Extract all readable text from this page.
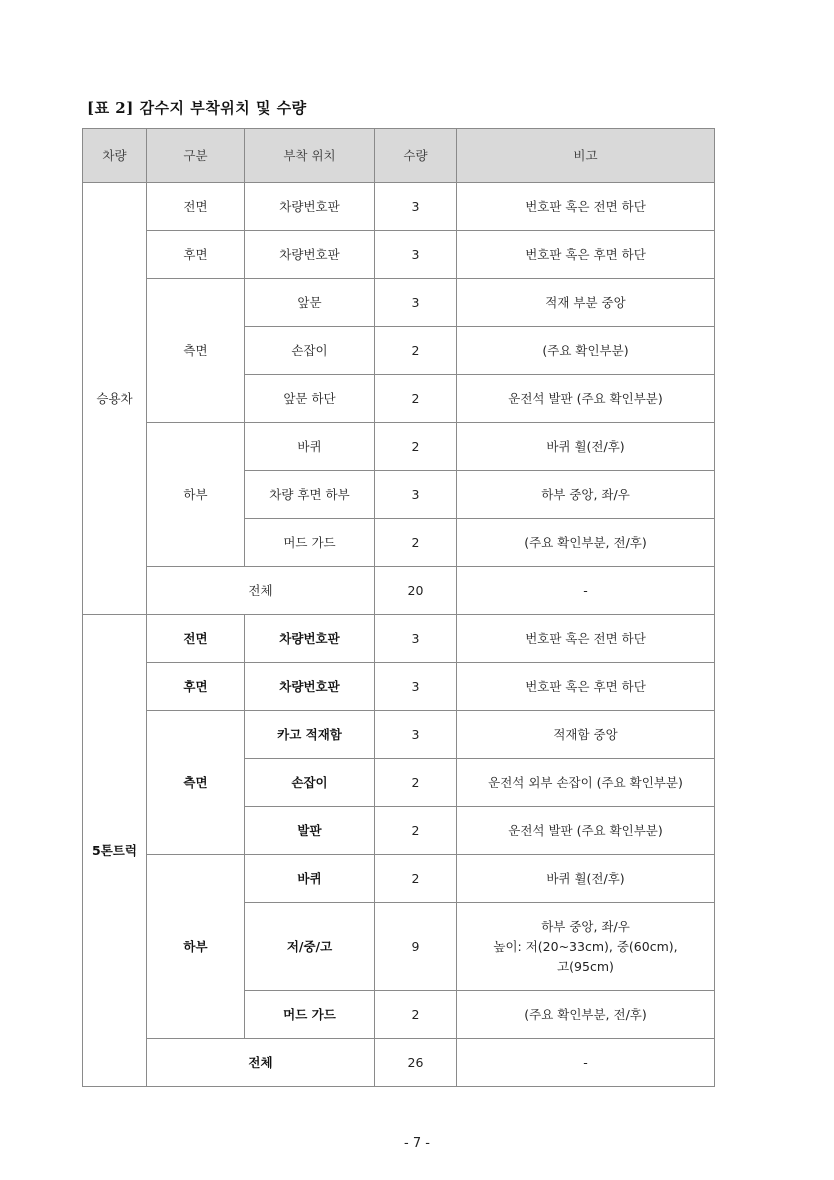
[표 2] 감수지 부착위치 및 수량
차량	구분	부착 위치	수량	비고
승용차	전면	차량번호판	3	번호판 혹은 전면 하단
	후면	차량번호판	3	번호판 혹은 후면 하단
	측면	앞문	3	적재 부분 중앙
		손잡이	2	(주요 확인부분)
		앞문 하단	2	운전석 발판 (주요 확인부분)
	하부	바퀴	2	바퀴 휠(전/후)
		차량 후면 하부	3	하부 중앙, 좌/우
		머드 가드	2	(주요 확인부분, 전/후)
	전체		20	-
5톤트럭	전면	차량번호판	3	번호판 혹은 전면 하단
	후면	차량번호판	3	번호판 혹은 후면 하단
	측면	카고 적재함	3	적재함 중앙
		손잡이	2	운전석 외부 손잡이 (주요 확인부분)
		발판	2	운전석 발판 (주요 확인부분)
	하부	바퀴	2	바퀴 휠(전/후)
		저/중/고	9	하부 중앙, 좌/우
높이: 저(20~33cm), 중(60cm),
고(95cm)

		머드 가드	2	(주요 확인부분, 전/후)
	전체		26	-
- 7 -
